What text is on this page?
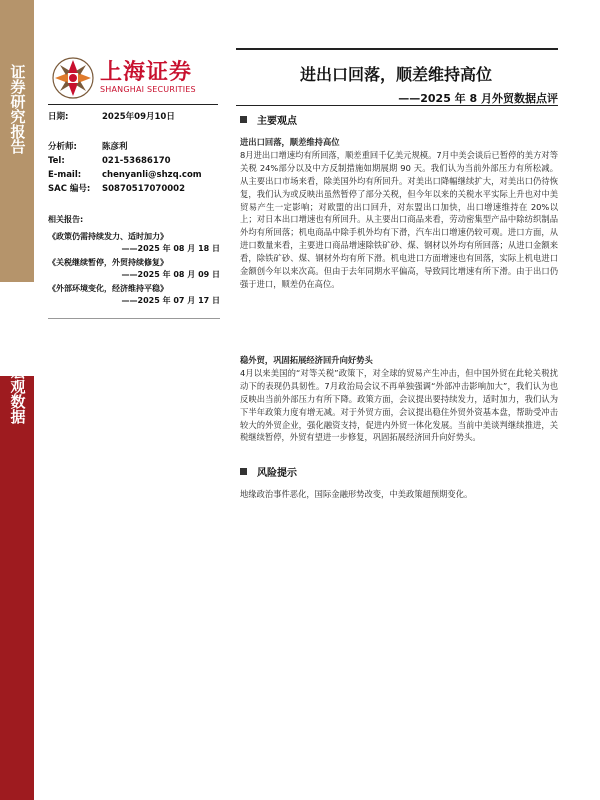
证券研究报告
宏观数据
上海证券
SHANGHAI SECURITIES
进出口回落，顺差维持高位
——2025 年 8 月外贸数据点评
日期:	2025年09月10日
分析师:	陈彦利
Tel:	021-53686170
E-mail:	chenyanli@shzq.com
SAC 编号:	S0870517070002
相关报告:
《政策仍需持续发力、适时加力》
——2025 年 08 月 18 日
《关税继续暂停，外贸持续修复》
——2025 年 08 月 09 日
《外部环境变化，经济维持平稳》
——2025 年 07 月 17 日
主要观点
进出口回落，顺差维持高位
8月进出口增速均有所回落，顺差重回千亿美元规模。7月中美会谈后已暂停的美方对等关税 24%部分以及中方反制措施如期展期 90 天。我们认为当前外部压力有所松减。从主要出口市场来看，除美国外均有所回升。对美出口降幅继续扩大，对美出口仍待恢复，我们认为或反映出虽然暂停了部分关税，但今年以来的关税水平实际上升也对中美贸易产生一定影响；对欧盟的出口回升，对东盟出口加快，出口增速维持在 20%以上；对日本出口增速也有所回升。从主要出口商品来看，劳动密集型产品中除纺织制品外均有所回落；机电商品中除手机外均有下滑，汽车出口增速仍较可观。进口方面，从进口数量来看，主要进口商品增速除铁矿砂、煤、钢材以外均有所回落；从进口金额来看，除铁矿砂、煤、钢材外均有所下滑。机电进口方面增速也有回落，实际上机电进口金额创今年以来次高。但由于去年同期水平偏高，导致同比增速有所下滑。由于出口仍强于进口，顺差仍在高位。
稳外贸，巩固拓展经济回升向好势头
4月以来美国的“对等关税”政策下，对全球的贸易产生冲击，但中国外贸在此轮关税扰动下的表现仍具韧性。7月政治局会议不再单独强调“外部冲击影响加大”，我们认为也反映出当前外部压力有所下降。政策方面，会议提出要持续发力，适时加力，我们认为下半年政策力度有增无减。对于外贸方面，会议提出稳住外贸外资基本盘，帮助受冲击较大的外贸企业，强化融资支持，促进内外贸一体化发展。当前中美谈判继续推进，关税继续暂停，外贸有望进一步修复，巩固拓展经济回升向好势头。
风险提示
地缘政治事件恶化，国际金融形势改变，中美政策超预期变化。
